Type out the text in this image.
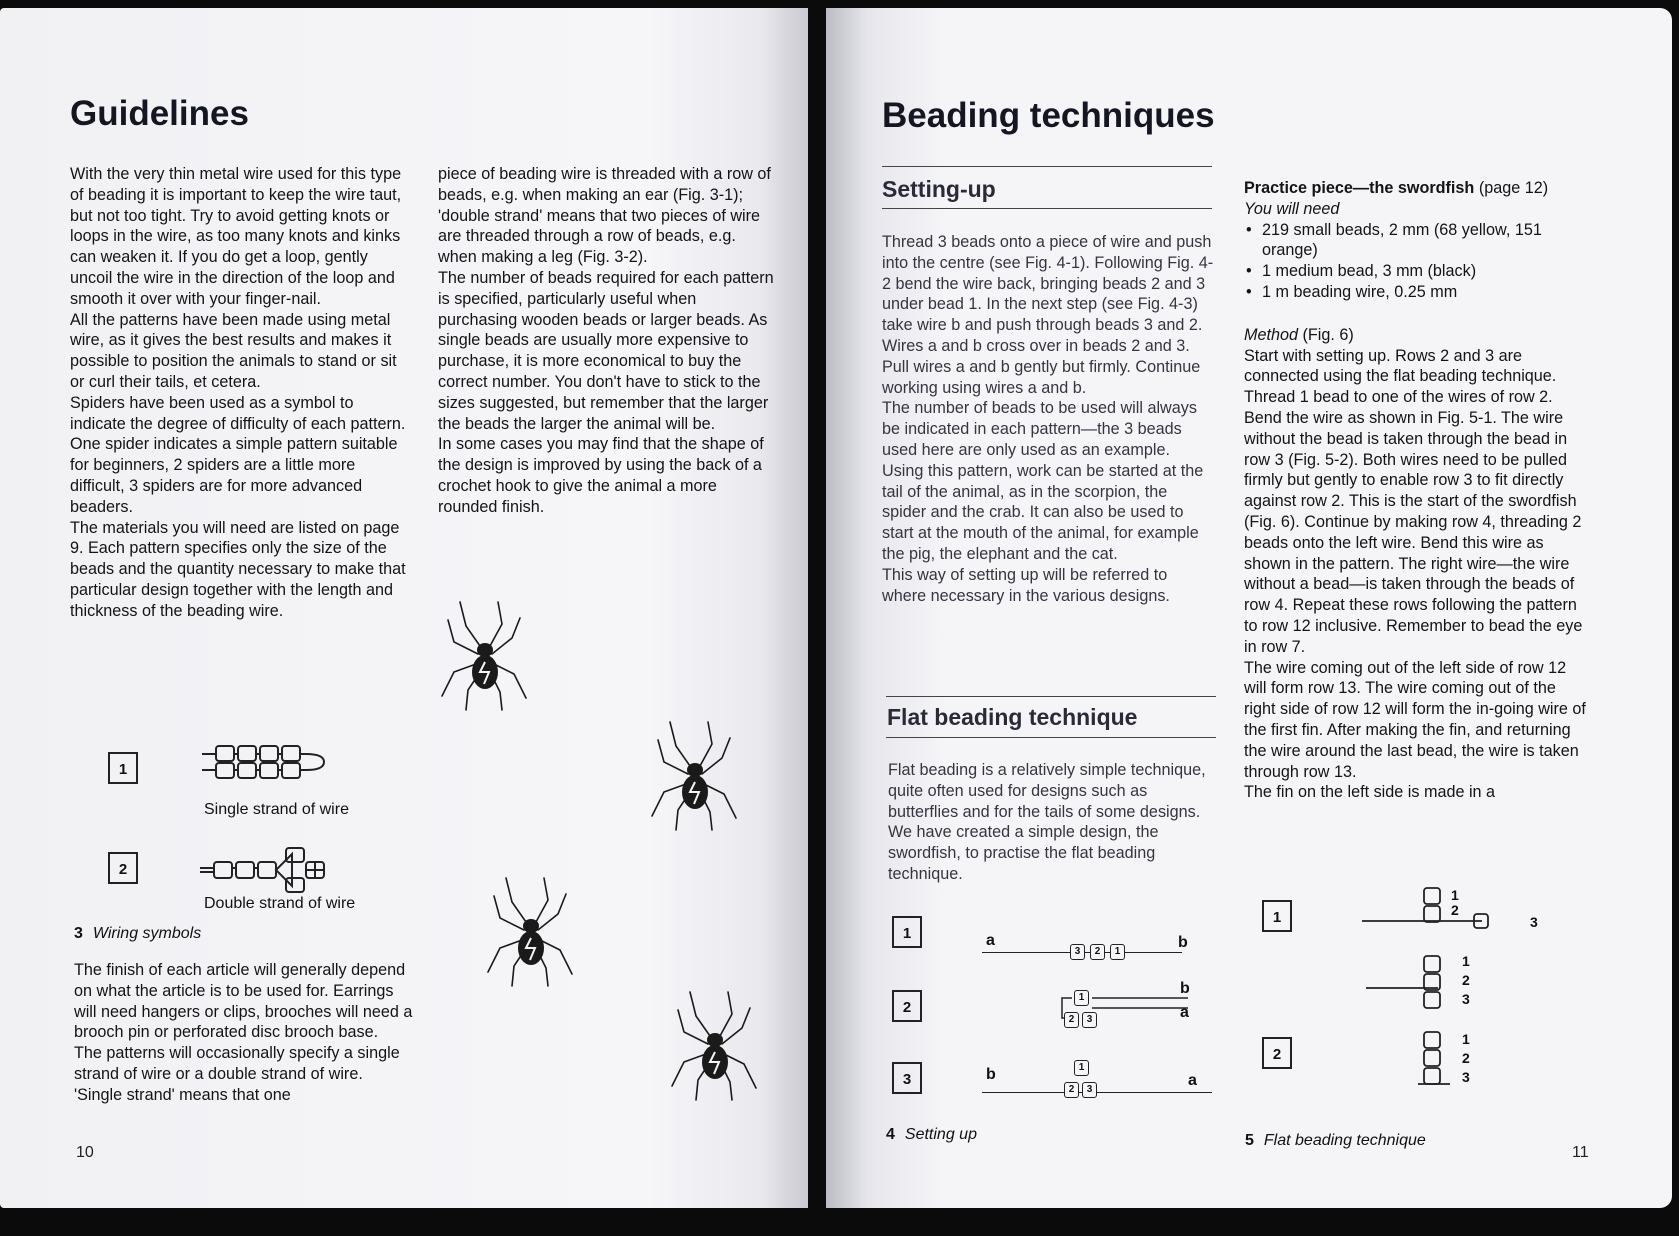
Guidelines

With the very thin metal wire used for this type of beading it is important to keep the wire taut, but not too tight. Try to avoid getting knots or loops in the wire, as too many knots and kinks can weaken it. If you do get a loop, gently uncoil the wire in the direction of the loop and smooth it over with your finger-nail.

All the patterns have been made using metal wire, as it gives the best results and makes it possible to position the animals to stand or sit or curl their tails, et cetera.

Spiders have been used as a symbol to indicate the degree of difficulty of each pattern. One spider indicates a simple pattern suitable for beginners, 2 spiders are a little more difficult, 3 spiders are for more advanced beaders.

The materials you will need are listed on page 9. Each pattern specifies only the size of the beads and the quantity necessary to make that particular design together with the length and thickness of the beading wire.

1
Single strand of wire
2
Double strand of wire
3 Wiring symbols

The finish of each article will generally depend on what the article is to be used for. Earrings will need hangers or clips, brooches will need a brooch pin or perforated disc brooch base.

The patterns will occasionally specify a single strand of wire or a double strand of wire. 'Single strand' means that one

piece of beading wire is threaded with a row of beads, e.g. when making an ear (Fig. 3-1); 'double strand' means that two pieces of wire are threaded through a row of beads, e.g. when making a leg (Fig. 3-2).

The number of beads required for each pattern is specified, particularly useful when purchasing wooden beads or larger beads. As single beads are usually more expensive to purchase, it is more economical to buy the correct number. You don't have to stick to the sizes suggested, but remember that the larger the beads the larger the animal will be.

In some cases you may find that the shape of the design is improved by using the back of a crochet hook to give the animal a more rounded finish.

10
Beading techniques
Setting-up

Thread 3 beads onto a piece of wire and push into the centre (see Fig. 4-1). Following Fig. 4-2 bend the wire back, bringing beads 2 and 3 under bead 1. In the next step (see Fig. 4-3) take wire b and push through beads 3 and 2. Wires a and b cross over in beads 2 and 3. Pull wires a and b gently but firmly. Continue working using wires a and b.

The number of beads to be used will always be indicated in each pattern—the 3 beads used here are only used as an example. Using this pattern, work can be started at the tail of the animal, as in the scorpion, the spider and the crab. It can also be used to start at the mouth of the animal, for example the pig, the elephant and the cat.

This way of setting up will be referred to where necessary in the various designs.

Flat beading technique

Flat beading is a relatively simple technique, quite often used for designs such as butterflies and for the tails of some designs.

We have created a simple design, the swordfish, to practise the flat beading technique.

1
2
3
a	b
3	2	1
b
a
1
2	3
b	a
1
2	3
4 Setting up

Practice piece—the swordfish (page 12)

You will need

• 219 small beads, 2 mm (68 yellow, 151 orange)
• 1 medium bead, 3 mm (black)
• 1 m beading wire, 0.25 mm

Method (Fig. 6)

Start with setting up. Rows 2 and 3 are connected using the flat beading technique. Thread 1 bead to one of the wires of row 2. Bend the wire as shown in Fig. 5-1. The wire without the bead is taken through the bead in row 3 (Fig. 5-2). Both wires need to be pulled firmly but gently to enable row 3 to fit directly against row 2. This is the start of the swordfish (Fig. 6). Continue by making row 4, threading 2 beads onto the left wire. Bend this wire as shown in the pattern. The right wire—the wire without a bead—is taken through the beads of row 4. Repeat these rows following the pattern to row 12 inclusive. Remember to bead the eye in row 7.

The wire coming out of the left side of row 12 will form row 13. The wire coming out of the right side of row 12 will form the in-going wire of the first fin. After making the fin, and returning the wire around the last bead, the wire is taken through row 13.

The fin on the left side is made in a

1
2
1
2
3
1
2
3
1
2
3
5 Flat beading technique
11
